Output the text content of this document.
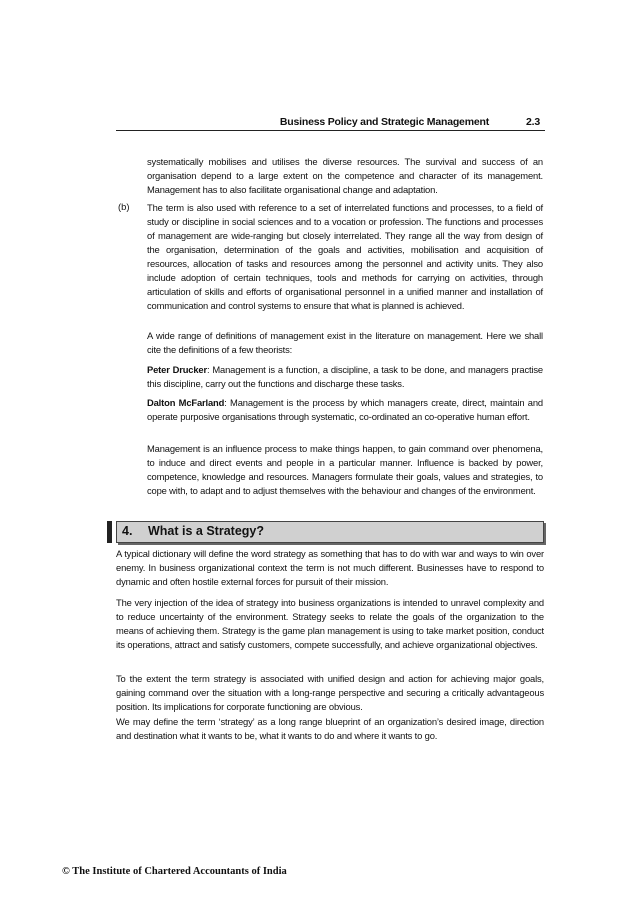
Business Policy and Strategic Management	2.3
systematically mobilises and utilises the diverse resources. The survival and success of an organisation depend to a large extent on the competence and character of its management. Management has to also facilitate organisational change and adaptation.
(b) The term is also used with reference to a set of interrelated functions and processes, to a field of study or discipline in social sciences and to a vocation or profession. The functions and processes of management are wide-ranging but closely interrelated. They range all the way from design of the organisation, determination of the goals and activities, mobilisation and acquisition of resources, allocation of tasks and resources among the personnel and activity units. They also include adoption of certain techniques, tools and methods for carrying on activities, through articulation of skills and efforts of organisational personnel in a unified manner and installation of communication and control systems to ensure that what is planned is achieved.
A wide range of definitions of management exist in the literature on management. Here we shall cite the definitions of a few theorists:
Peter Drucker: Management is a function, a discipline, a task to be done, and managers practise this discipline, carry out the functions and discharge these tasks.
Dalton McFarland: Management is the process by which managers create, direct, maintain and operate purposive organisations through systematic, co-ordinated an co-operative human effort.
Management is an influence process to make things happen, to gain command over phenomena, to induce and direct events and people in a particular manner. Influence is backed by power, competence, knowledge and resources. Managers formulate their goals, values and strategies, to cope with, to adapt and to adjust themselves with the behaviour and changes of the environment.
4. What is a Strategy?
A typical dictionary will define the word strategy as something that has to do with war and ways to win over enemy. In business organizational context the term is not much different. Businesses have to respond to dynamic and often hostile external forces for pursuit of their mission.
The very injection of the idea of strategy into business organizations is intended to unravel complexity and to reduce uncertainty of the environment. Strategy seeks to relate the goals of the organization to the means of achieving them. Strategy is the game plan management is using to take market position, conduct its operations, attract and satisfy customers, compete successfully, and achieve organizational objectives.
To the extent the term strategy is associated with unified design and action for achieving major goals, gaining command over the situation with a long-range perspective and securing a critically advantageous position. Its implications for corporate functioning are obvious.
We may define the term ‘strategy’ as a long range blueprint of an organization’s desired image, direction and destination what it wants to be, what it wants to do and where it wants to go.
© The Institute of Chartered Accountants of India
